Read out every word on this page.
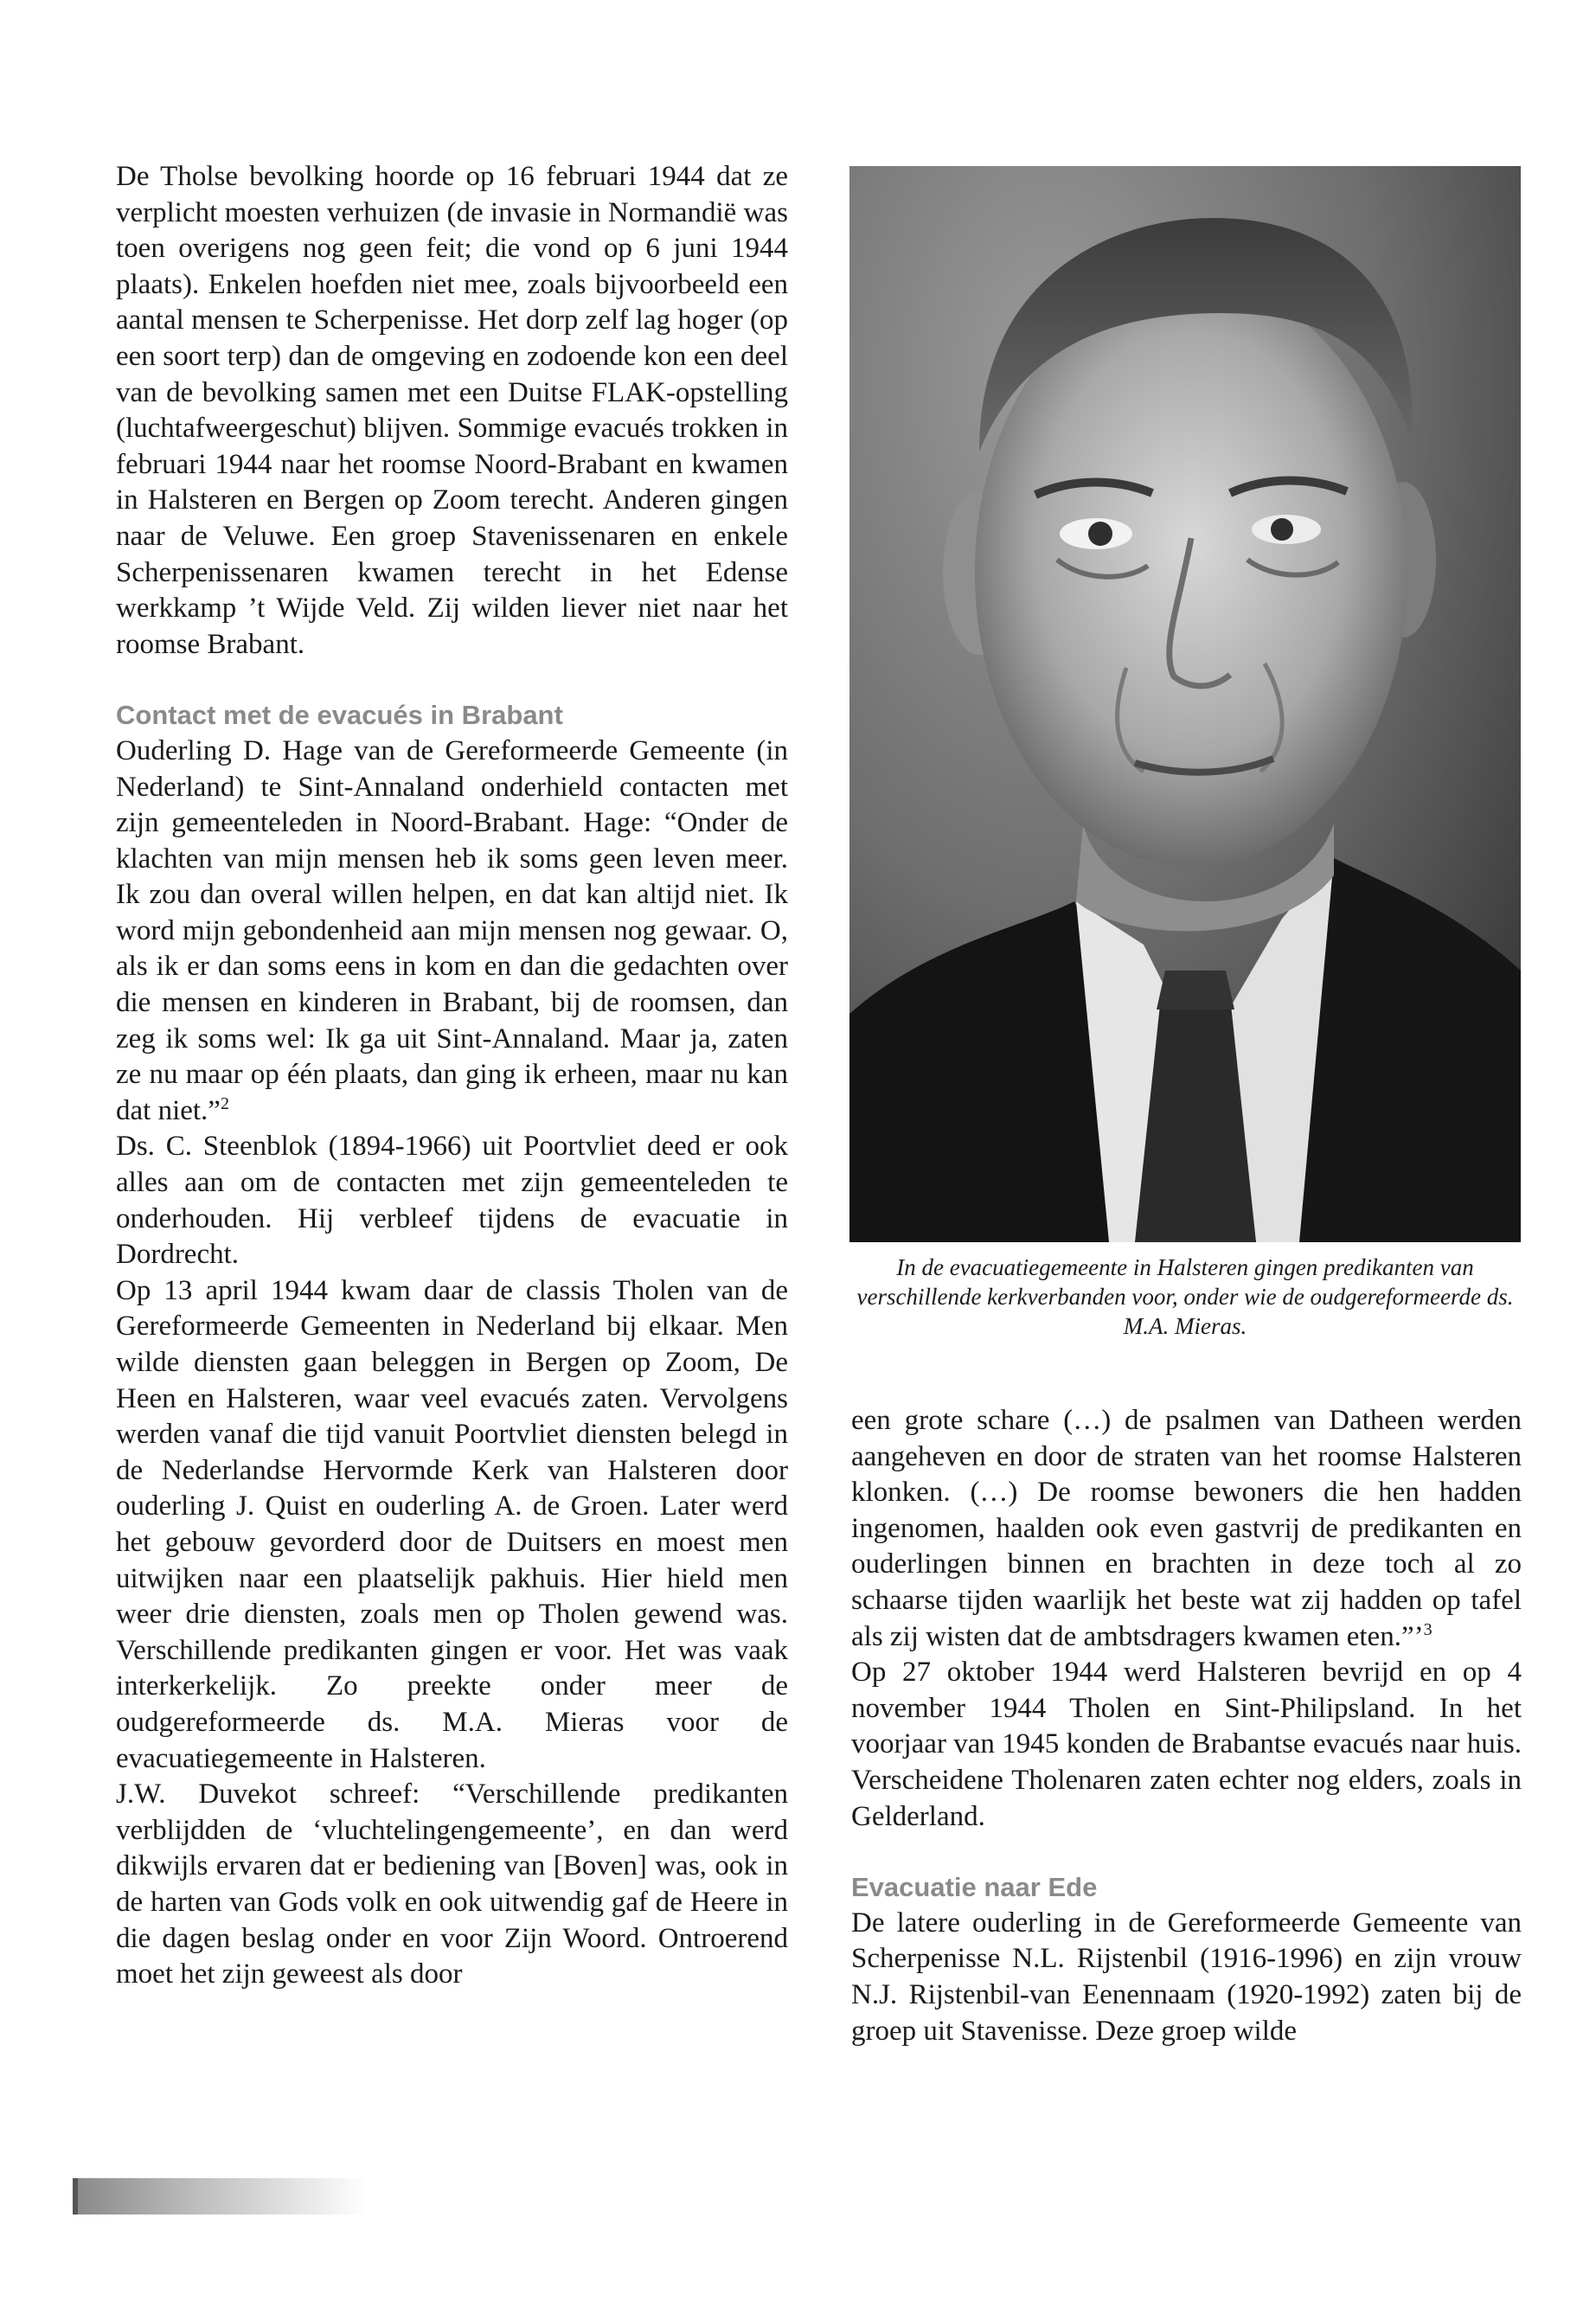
De Tholse bevolking hoorde op 16 februari 1944 dat ze verplicht moesten verhuizen (de invasie in Normandië was toen overigens nog geen feit; die vond op 6 juni 1944 plaats). Enkelen hoefden niet mee, zoals bijvoorbeeld een aantal mensen te Scherpenisse. Het dorp zelf lag hoger (op een soort terp) dan de omgeving en zodoende kon een deel van de bevolking samen met een Duitse FLAK-opstelling (luchtafweergeschut) blijven. Sommige evacués trokken in februari 1944 naar het roomse Noord-Brabant en kwamen in Halsteren en Bergen op Zoom terecht. Anderen gingen naar de Veluwe. Een groep Stavenissenaren en enkele Scherpenissenaren kwamen terecht in het Edense werkkamp ’t Wijde Veld. Zij wilden liever niet naar het roomse Brabant.

Contact met de evacués in Brabant

Ouderling D. Hage van de Gereformeerde Gemeente (in Nederland) te Sint-Annaland onderhield contacten met zijn gemeenteleden in Noord-Brabant. Hage: “Onder de klachten van mijn mensen heb ik soms geen leven meer. Ik zou dan overal willen helpen, en dat kan altijd niet. Ik word mijn gebondenheid aan mijn mensen nog gewaar. O, als ik er dan soms eens in kom en dan die gedachten over die mensen en kinderen in Brabant, bij de roomsen, dan zeg ik soms wel: Ik ga uit Sint-Annaland. Maar ja, zaten ze nu maar op één plaats, dan ging ik erheen, maar nu kan dat niet.”$^2$

Ds. C. Steenblok (1894-1966) uit Poortvliet deed er ook alles aan om de contacten met zijn gemeenteleden te onderhouden. Hij verbleef tijdens de evacuatie in Dordrecht.

Op 13 april 1944 kwam daar de classis Tholen van de Gereformeerde Gemeenten in Nederland bij elkaar. Men wilde diensten gaan beleggen in Bergen op Zoom, De Heen en Halsteren, waar veel evacués zaten. Vervolgens werden vanaf die tijd vanuit Poortvliet diensten belegd in de Nederlandse Hervormde Kerk van Halsteren door ouderling J. Quist en ouderling A. de Groen. Later werd het gebouw gevorderd door de Duitsers en moest men uitwijken naar een plaatselijk pakhuis. Hier hield men weer drie diensten, zoals men op Tholen gewend was. Verschillende predikanten gingen er voor. Het was vaak interkerkelijk. Zo preekte onder meer de oudgereformeerde ds. M.A. Mieras voor de evacuatiegemeente in Halsteren.

J.W. Duvekot schreef: “Verschillende predikanten verblijdden de ‘vluchtelingengemeente’, en dan werd dikwijls ervaren dat er bediening van [Boven] was, ook in de harten van Gods volk en ook uitwendig gaf de Heere in die dagen beslag onder en voor Zijn Woord. Ontroerend moet het zijn geweest als door

In de evacuatiegemeente in Halsteren gingen predikanten van verschillende kerkverbanden voor, onder wie de oudgereformeerde ds. M.A. Mieras.

een grote schare (…) de psalmen van Datheen werden aangeheven en door de straten van het roomse Halsteren klonken. (…) De roomse bewoners die hen hadden ingenomen, haalden ook even gastvrij de predikanten en ouderlingen binnen en brachten in deze toch al zo schaarse tijden waarlijk het beste wat zij hadden op tafel als zij wisten dat de ambtsdragers kwamen eten.”’$^3$

Op 27 oktober 1944 werd Halsteren bevrijd en op 4 november 1944 Tholen en Sint-Philipsland. In het voorjaar van 1945 konden de Brabantse evacués naar huis. Verscheidene Tholenaren zaten echter nog elders, zoals in Gelderland.

Evacuatie naar Ede

De latere ouderling in de Gereformeerde Gemeente van Scherpenisse N.L. Rijstenbil (1916-1996) en zijn vrouw N.J. Rijstenbil-van Eenennaam (1920-1992) zaten bij de groep uit Stavenisse. Deze groep wilde

166
